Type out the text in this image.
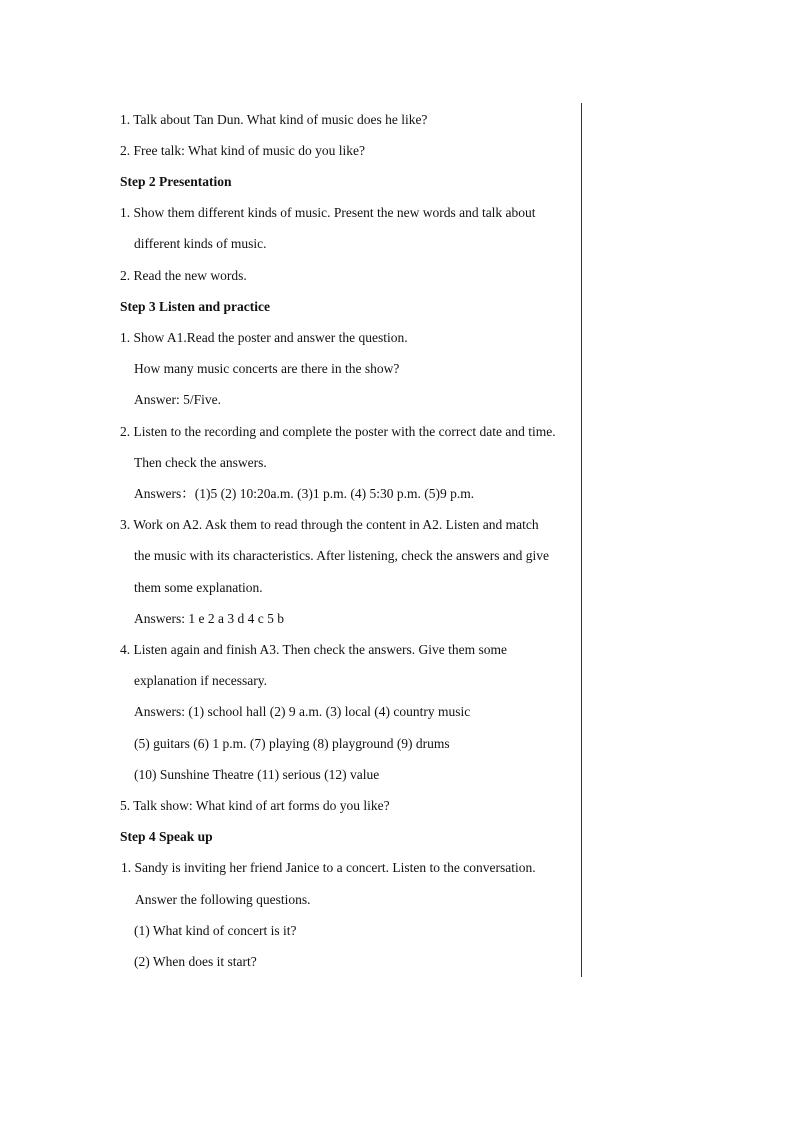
1. Talk about Tan Dun. What kind of music does he like?
2. Free talk: What kind of music do you like?
Step 2 Presentation
1. Show them different kinds of music. Present the new words and talk about
different kinds of music.
2. Read the new words.
Step 3 Listen and practice
1. Show A1.Read the poster and answer the question.
How many music concerts are there in the show?
Answer: 5/Five.
2. Listen to the recording and complete the poster with the correct date and time.
Then check the answers.
Answers：(1)5 (2) 10:20a.m. (3)1 p.m. (4) 5:30 p.m. (5)9 p.m.
3. Work on A2. Ask them to read through the content in A2. Listen and match
the music with its characteristics. After listening, check the answers and give
them some explanation.
Answers: 1 e 2 a 3 d 4 c 5 b
4. Listen again and finish A3. Then check the answers. Give them some
explanation if necessary.
Answers: (1) school hall (2) 9 a.m. (3) local (4) country music
(5) guitars (6) 1 p.m. (7) playing (8) playground (9) drums
(10) Sunshine Theatre (11) serious (12) value
5. Talk show: What kind of art forms do you like?
Step 4 Speak up
1. Sandy is inviting her friend Janice to a concert. Listen to the conversation.
Answer the following questions.
(1) What kind of concert is it?
(2) When does it start?
